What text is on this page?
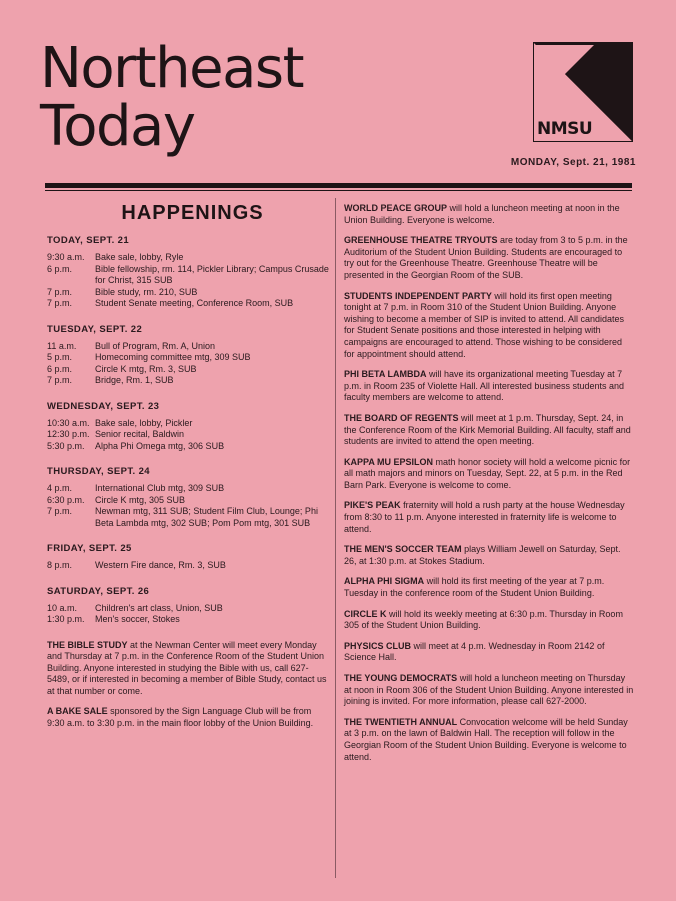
Northeast
Today	NMSU
MONDAY, Sept. 21, 1981
HAPPENINGS
TODAY, SEPT. 21
9:30 a.m.	Bake sale, lobby, Ryle
6 p.m.	Bible fellowship, rm. 114, Pickler Library; Campus Crusade for Christ, 315 SUB
7 p.m.	Bible study, rm. 210, SUB
7 p.m.	Student Senate meeting, Conference Room, SUB
TUESDAY, SEPT. 22
11 a.m.	Bull of Program, Rm. A, Union
5 p.m.	Homecoming committee mtg, 309 SUB
6 p.m.	Circle K mtg, Rm. 3, SUB
7 p.m.	Bridge, Rm. 1, SUB
WEDNESDAY, SEPT. 23
10:30 a.m. Bake sale, lobby, Pickler
12:30 p.m. Senior recital, Baldwin
5:30 p.m.	Alpha Phi Omega mtg, 306 SUB
THURSDAY, SEPT. 24
4 p.m.	International Club mtg, 309 SUB
6:30 p.m.	Circle K mtg, 305 SUB
7 p.m.	Newman mtg, 311 SUB; Student Film Club, Lounge; Phi Beta Lambda mtg, 302 SUB; Pom Pom mtg, 301 SUB
FRIDAY, SEPT. 25
8 p.m.	Western Fire dance, Rm. 3, SUB
SATURDAY, SEPT. 26
10 a.m.	Children's art class, Union, SUB
1:30 p.m.	Men's soccer, Stokes
THE BIBLE STUDY at the Newman Center will meet every Monday and Thursday at 7 p.m. in the Conference Room of the Student Union Building. Anyone interested in studying the Bible with us, call 627-5489, or if interested in becoming a member of Bible Study, contact us at that number or come.
A BAKE SALE sponsored by the Sign Language Club will be from 9:30 a.m. to 3:30 p.m. in the main floor lobby of the Union Building.
WORLD PEACE GROUP will hold a luncheon meeting at noon in the Union Building. Everyone is welcome.
GREENHOUSE THEATRE TRYOUTS are today from 3 to 5 p.m. in the Auditorium of the Student Union Building. Students are encouraged to try out for the Greenhouse Theatre. Greenhouse Theatre will be presented in the Georgian Room of the SUB.
STUDENTS INDEPENDENT PARTY will hold its first open meeting tonight at 7 p.m. in Room 310 of the Student Union Building. Anyone wishing to become a member of SIP is invited to attend. All candidates for Student Senate positions and those interested in helping with campaigns are encouraged to attend. Those wishing to be considered for appointment should attend.
PHI BETA LAMBDA will have its organizational meeting Tuesday at 7 p.m. in Room 235 of Violette Hall. All interested business students and faculty members are welcome to attend.
THE BOARD OF REGENTS will meet at 1 p.m. Thursday, Sept. 24, in the Conference Room of the Kirk Memorial Building. All faculty, staff and students are invited to attend the open meeting.
KAPPA MU EPSILON math honor society will hold a welcome picnic for all math majors and minors on Tuesday, Sept. 22, at 5 p.m. in the Red Barn Park. Everyone is welcome to come.
PIKE'S PEAK fraternity will hold a rush party at the house Wednesday from 8:30 to 11 p.m. Anyone interested in fraternity life is welcome to attend.
THE MEN'S SOCCER TEAM plays William Jewell on Saturday, Sept. 26, at 1:30 p.m. at Stokes Stadium.
ALPHA PHI SIGMA will hold its first meeting of the year at 7 p.m. Tuesday in the conference room of the Student Union Building.
CIRCLE K will hold its weekly meeting at 6:30 p.m. Thursday in Room 305 of the Student Union Building.
PHYSICS CLUB will meet at 4 p.m. Wednesday in Room 2142 of Science Hall.
THE YOUNG DEMOCRATS will hold a luncheon meeting on Thursday at noon in Room 306 of the Student Union Building. Anyone interested in joining is invited. For more information, please call 627-2000.
THE TWENTIETH ANNUAL Convocation welcome will be held Sunday at 3 p.m. on the lawn of Baldwin Hall. The reception will follow in the Georgian Room of the Student Union Building. Everyone is welcome to attend.
